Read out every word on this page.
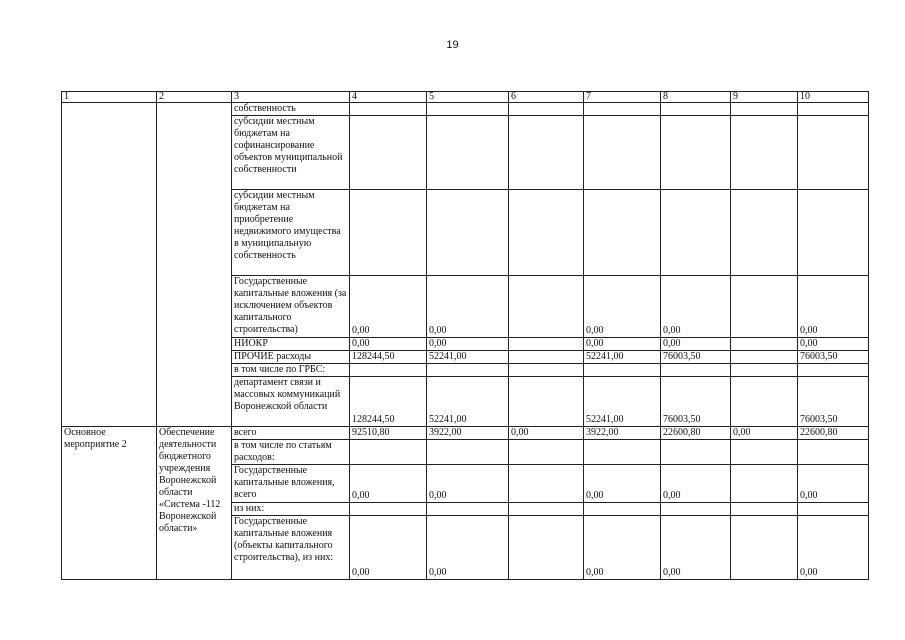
19
1	2	3	4	5	6	7	8	9	10
		собственность							
		субсидии местным бюджетам на софинансирование объектов муниципальной собственности							
		субсидии местным бюджетам на приобретение недвижимого имущества в муниципальную собственность							
		Государственные капитальные вложения (за исключением объектов капитального строительства)	0,00	0,00		0,00	0,00		0,00
		НИОКР	0,00	0,00		0,00	0,00		0,00
		ПРОЧИЕ расходы	128244,50	52241,00		52241,00	76003,50		76003,50
		в том числе по ГРБС:							
		департамент связи и массовых коммуникаций Воронежской области	128244,50	52241,00		52241,00	76003,50		76003,50
Основное мероприятие 2	Обеспечение деятельности бюджетного учреждения Воронежской области «Система -112 Воронежской области»	всего	92510,80	3922,00	0,00	3922,00	22600,80	0,00	22600,80
		в том числе по статьям расходов:							
		Государственные капитальные вложения, всего	0,00	0,00		0,00	0,00		0,00
		из них:							
		Государственные капитальные вложения (объекты капитального строительства), из них:	0,00	0,00		0,00	0,00		0,00
